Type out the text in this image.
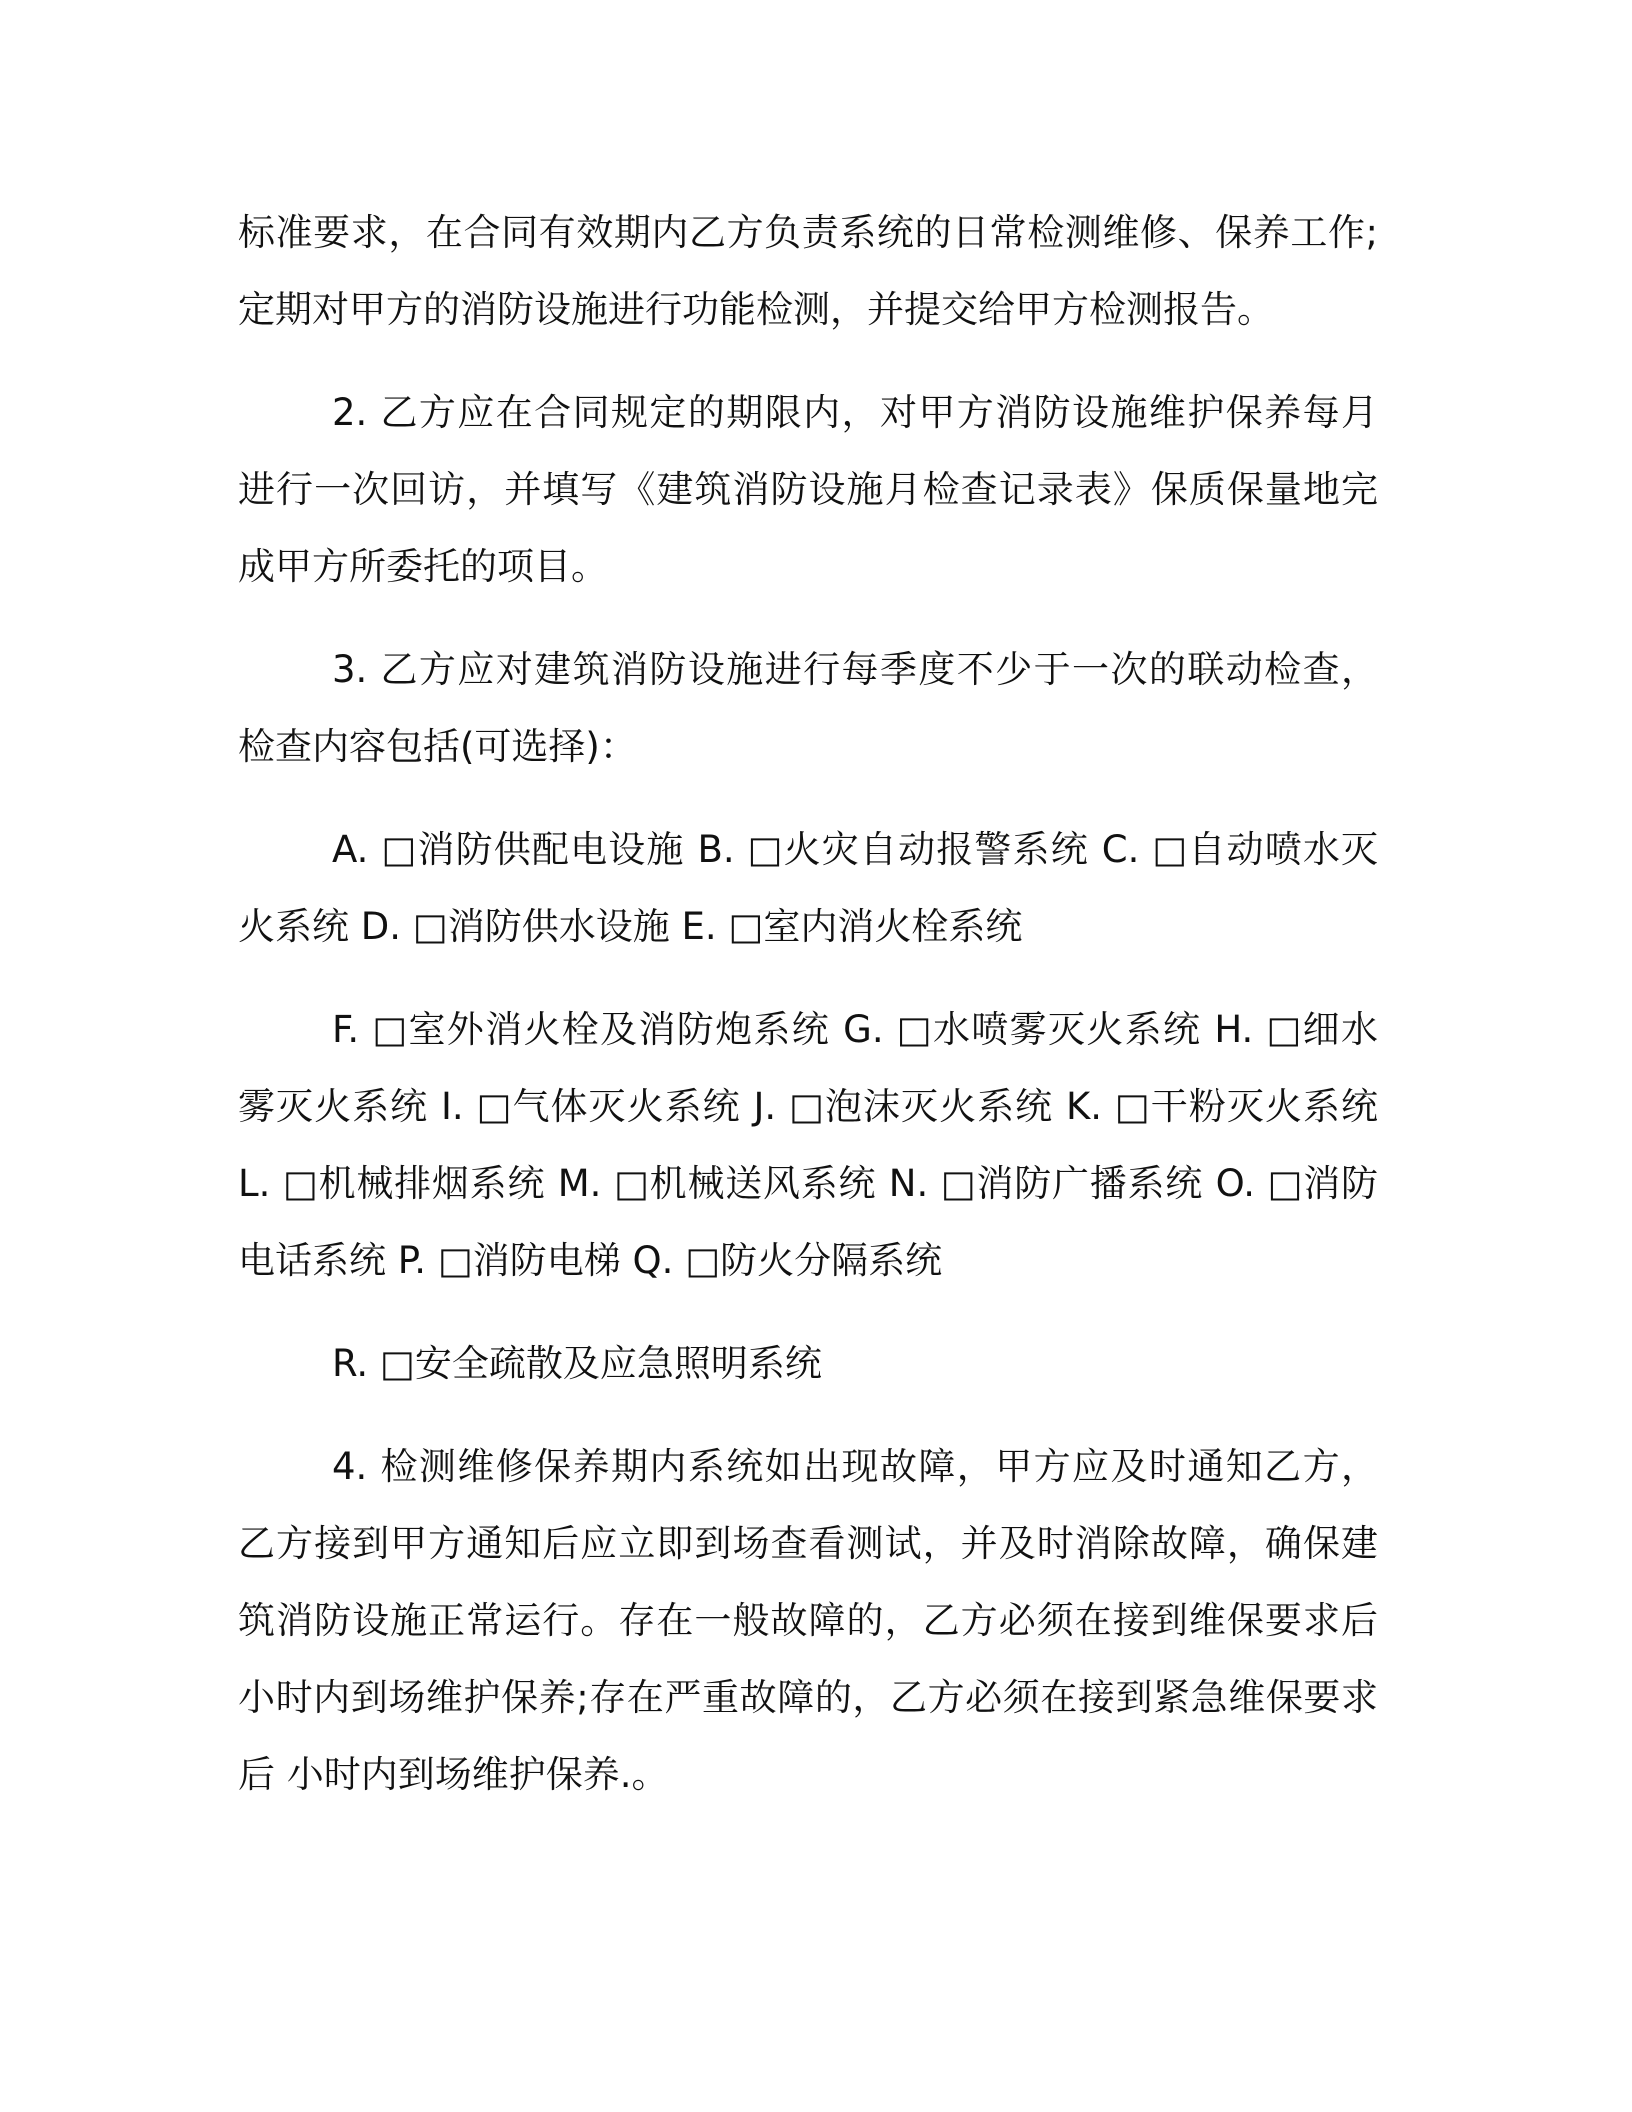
标准要求，在合同有效期内乙方负责系统的日常检测维修、保养工作;定期对甲方的消防设施进行功能检测，并提交给甲方检测报告。

2. 乙方应在合同规定的期限内，对甲方消防设施维护保养每月进行一次回访，并填写《建筑消防设施月检查记录表》保质保量地完成甲方所委托的项目。

3. 乙方应对建筑消防设施进行每季度不少于一次的联动检查，检查内容包括(可选择)：

A. □消防供配电设施 B. □火灾自动报警系统 C. □自动喷水灭火系统 D. □消防供水设施 E. □室内消火栓系统

F. □室外消火栓及消防炮系统 G. □水喷雾灭火系统 H. □细水雾灭火系统 I. □气体灭火系统 J. □泡沫灭火系统 K. □干粉灭火系统 L. □机械排烟系统 M. □机械送风系统 N. □消防广播系统 O. □消防电话系统 P. □消防电梯 Q. □防火分隔系统

R. □安全疏散及应急照明系统

4. 检测维修保养期内系统如出现故障，甲方应及时通知乙方，乙方接到甲方通知后应立即到场查看测试，并及时消除故障，确保建筑消防设施正常运行。存在一般故障的，乙方必须在接到维保要求后 小时内到场维护保养;存在严重故障的，乙方必须在接到紧急维保要求后 小时内到场维护保养.。
